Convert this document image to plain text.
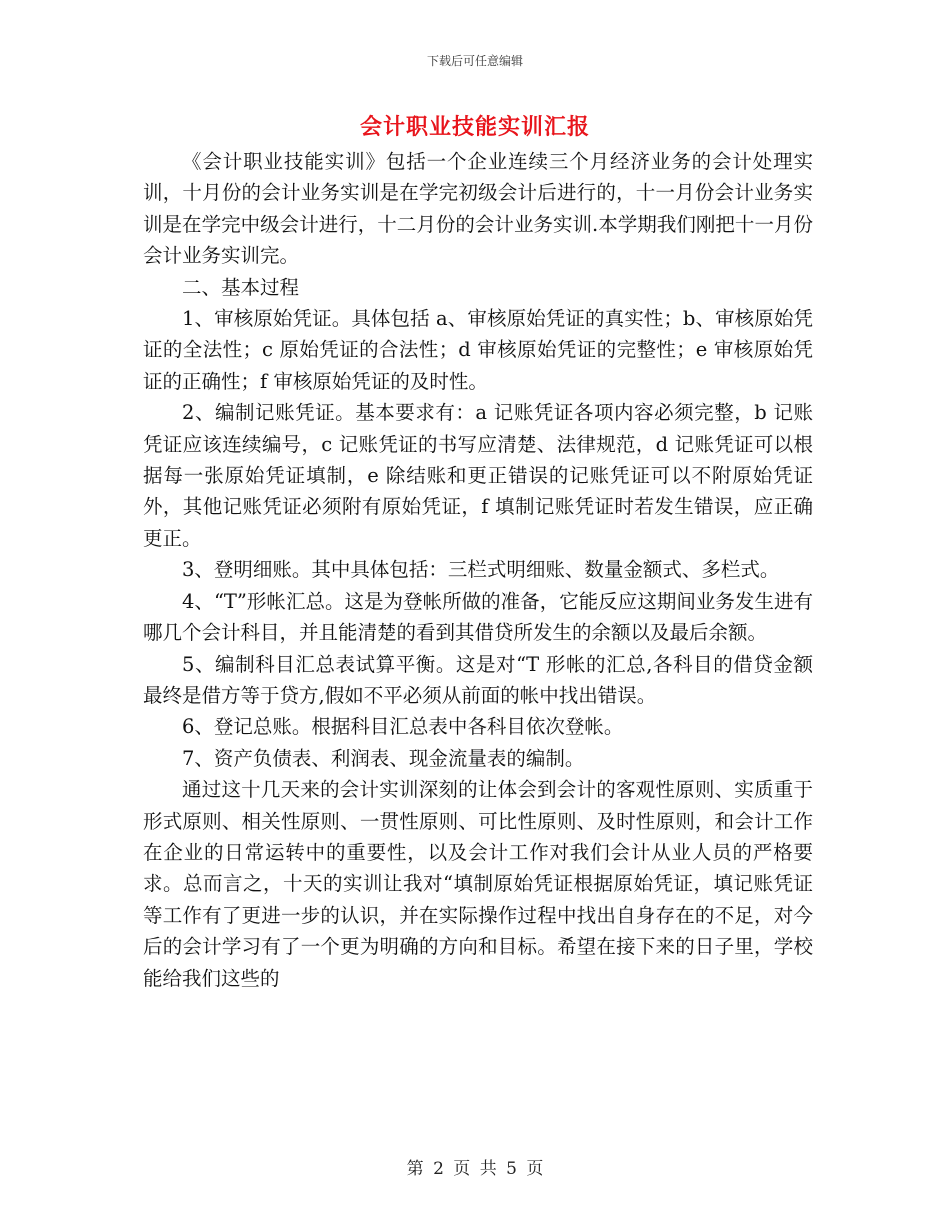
下载后可任意编辑
会计职业技能实训汇报

《会计职业技能实训》包括一个企业连续三个月经济业务的会计处理实训，十月份的会计业务实训是在学完初级会计后进行的，十一月份会计业务实训是在学完中级会计进行，十二月份的会计业务实训.本学期我们刚把十一月份会计业务实训完。

二、基本过程

1、审核原始凭证。具体包括 a、审核原始凭证的真实性；b、审核原始凭证的全法性；c 原始凭证的合法性；d 审核原始凭证的完整性；e 审核原始凭证的正确性；f 审核原始凭证的及时性。

2、编制记账凭证。基本要求有：a 记账凭证各项内容必须完整，b 记账凭证应该连续编号，c 记账凭证的书写应清楚、法律规范，d 记账凭证可以根据每一张原始凭证填制，e 除结账和更正错误的记账凭证可以不附原始凭证外，其他记账凭证必须附有原始凭证，f 填制记账凭证时若发生错误，应正确更正。

3、登明细账。其中具体包括：三栏式明细账、数量金额式、多栏式。

4、“T”形帐汇总。这是为登帐所做的准备，它能反应这期间业务发生进有哪几个会计科目，并且能清楚的看到其借贷所发生的余额以及最后余额。

5、编制科目汇总表试算平衡。这是对“T 形帐的汇总,各科目的借贷金额最终是借方等于贷方,假如不平必须从前面的帐中找出错误。

6、登记总账。根据科目汇总表中各科目依次登帐。

7、资产负债表、利润表、现金流量表的编制。

通过这十几天来的会计实训深刻的让体会到会计的客观性原则、实质重于形式原则、相关性原则、一贯性原则、可比性原则、及时性原则，和会计工作在企业的日常运转中的重要性，以及会计工作对我们会计从业人员的严格要求。总而言之，十天的实训让我对“填制原始凭证根据原始凭证，填记账凭证等工作有了更进一步的认识，并在实际操作过程中找出自身存在的不足，对今后的会计学习有了一个更为明确的方向和目标。希望在接下来的日子里，学校能给我们这些的

第 2 页 共 5 页
